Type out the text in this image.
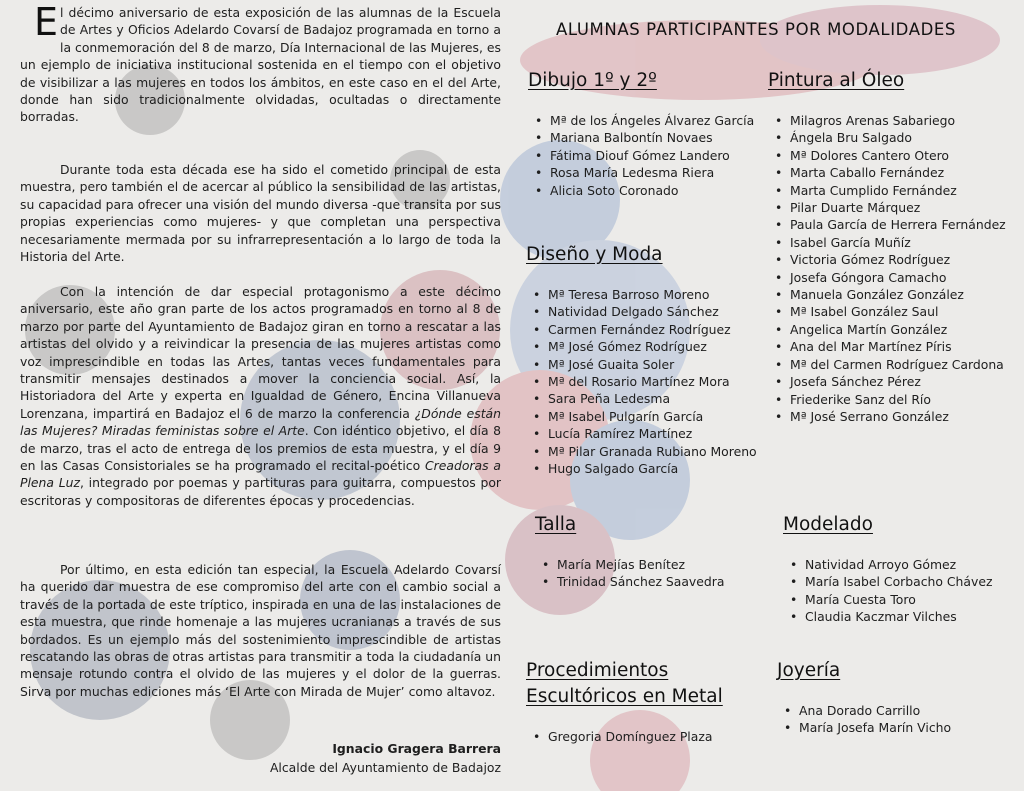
El décimo aniversario de esta exposición de las alumnas de la Escuela de Artes y Oficios Adelardo Covarsí de Badajoz programada en torno a la conmemoración del 8 de marzo, Día Internacional de las Mujeres, es un ejemplo de iniciativa institucional sostenida en el tiempo con el objetivo de visibilizar a las mujeres en todos los ámbitos, en este caso en el del Arte, donde han sido tradicionalmente olvidadas, ocultadas o directamente borradas.

Durante toda esta década ese ha sido el cometido principal de esta muestra, pero también el de acercar al público la sensibilidad de las artistas, su capacidad para ofrecer una visión del mundo diversa -que transita por sus propias experiencias como mujeres- y que completan una perspectiva necesariamente mermada por su infrarrepresentación a lo largo de toda la Historia del Arte.

Con la intención de dar especial protagonismo a este décimo aniversario, este año gran parte de los actos programados en torno al 8 de marzo por parte del Ayuntamiento de Badajoz giran en torno a rescatar a las artistas del olvido y a reivindicar la presencia de las mujeres artistas como voz imprescindible en todas las Artes, tantas veces fundamentales para transmitir mensajes destinados a mover la conciencia social. Así, la Historiadora del Arte y experta en Igualdad de Género, Encina Villanueva Lorenzana, impartirá en Badajoz el 6 de marzo la conferencia ¿Dónde están las Mujeres? Miradas feministas sobre el Arte. Con idéntico objetivo, el día 8 de marzo, tras el acto de entrega de los premios de esta muestra, y el día 9 en las Casas Consistoriales se ha programado el recital-poético Creadoras a Plena Luz, integrado por poemas y partituras para guitarra, compuestos por escritoras y compositoras de diferentes épocas y procedencias.

Por último, en esta edición tan especial, la Escuela Adelardo Covarsí ha querido dar muestra de ese compromiso del arte con el cambio social a través de la portada de este tríptico, inspirada en una de las instalaciones de esta muestra, que rinde homenaje a las mujeres ucranianas a través de sus bordados. Es un ejemplo más del sostenimiento imprescindible de artistas rescatando las obras de otras artistas para transmitir a toda la ciudadanía un mensaje rotundo contra el olvido de las mujeres y el dolor de la guerras. Sirva por muchas ediciones más ‘El Arte con Mirada de Mujer’ como altavoz.

Ignacio Gragera Barrera
Alcalde del Ayuntamiento de Badajoz
ALUMNAS PARTICIPANTES POR MODALIDADES
Dibujo 1º y 2º
• Mª de los Ángeles Álvarez García
• Mariana Balbontín Novaes
• Fátima Diouf Gómez Landero
• Rosa María Ledesma Riera
• Alicia Soto Coronado
Pintura al Óleo
• Milagros Arenas Sabariego
• Ángela Bru Salgado
• Mª Dolores Cantero Otero
• Marta Caballo Fernández
• Marta Cumplido Fernández
• Pilar Duarte Márquez
• Paula García de Herrera Fernández
• Isabel García Muñíz
• Victoria Gómez Rodríguez
• Josefa Góngora Camacho
• Manuela González González
• Mª Isabel González Saul
• Angelica Martín González
• Ana del Mar Martínez Píris
• Mª del Carmen Rodríguez Cardona
• Josefa Sánchez Pérez
• Friederike Sanz del Río
• Mª José Serrano González
Diseño y Moda
• Mª Teresa Barroso Moreno
• Natividad Delgado Sánchez
• Carmen Fernández Rodríguez
• Mª José Gómez Rodríguez
• Mª José Guaita Soler
• Mª del Rosario Martínez Mora
• Sara Peña Ledesma
• Mª Isabel Pulgarín García
• Lucía Ramírez Martínez
• Mª Pilar Granada Rubiano Moreno
• Hugo Salgado García
Talla
• María Mejías Benítez
• Trinidad Sánchez Saavedra
Modelado
• Natividad Arroyo Gómez
• María Isabel Corbacho Chávez
• María Cuesta Toro
• Claudia Kaczmar Vilches
Procedimientos
Escultóricos en Metal
• Gregoria Domínguez Plaza
Joyería
• Ana Dorado Carrillo
• María Josefa Marín Vicho
